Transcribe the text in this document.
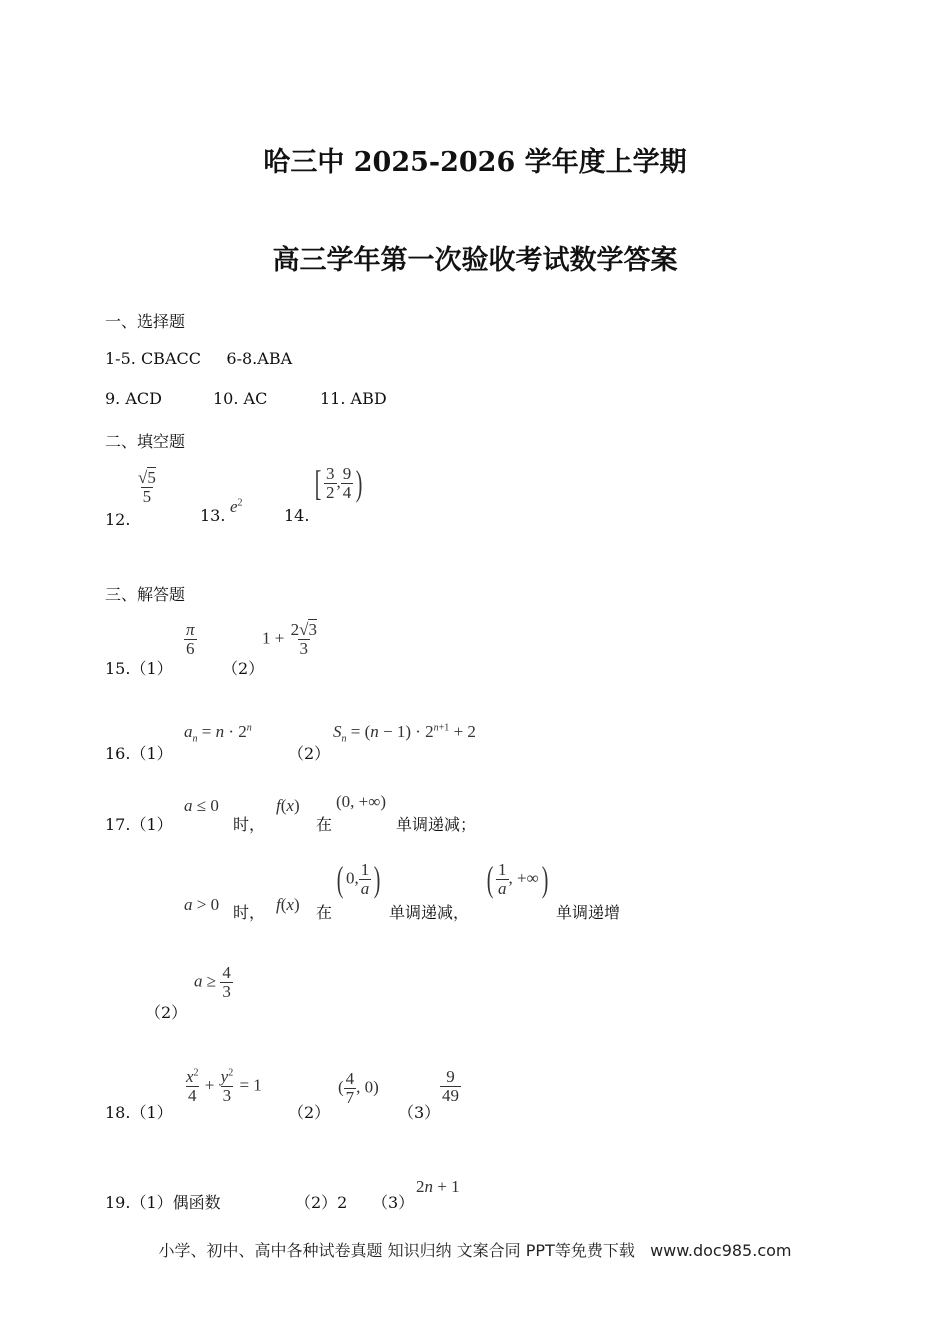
哈三中 2025-2026 学年度上学期
高三学年第一次验收考试数学答案
一、选择题
1-5. CBACC     6-8.ABA
9. ACD	10. AC	11. ABD
二、填空题
12.
$\frac{√5}{5}$
13. $e^2$
14.
[ $\frac{3}{2}$ , $\frac{9}{4}$ )
三、解答题
15.（1）
$\frac{\pi}{6}$
（2）
$1 + \frac{2√3}{3}$
16.（1）
$a_n = n \cdot 2^n$
（2）
$S_n = (n - 1) \cdot 2^{n+1} + 2$
17.（1）
a ≤ 0
时，
f(x)
在
(0, +∞)
单调递减；
a > 0 时， f(x) 在
( 0, $\frac{1}{a}$ )
单调递减，
( $\frac{1}{a}$ , +∞)
单调递增
（2）
$a \ge \frac{4}{3}$
18.（1）
$\frac{x^2}{4} + \frac{y^2}{3} = 1$
（2）
( $\frac{4}{7}$ , 0)
（3）
$\frac{9}{49}$
19.（1）偶函数	（2）2 （3）
2n + 1
小学、初中、高中各种试卷真题 知识归纳 文案合同 PPT等免费下载   www.doc985.com
